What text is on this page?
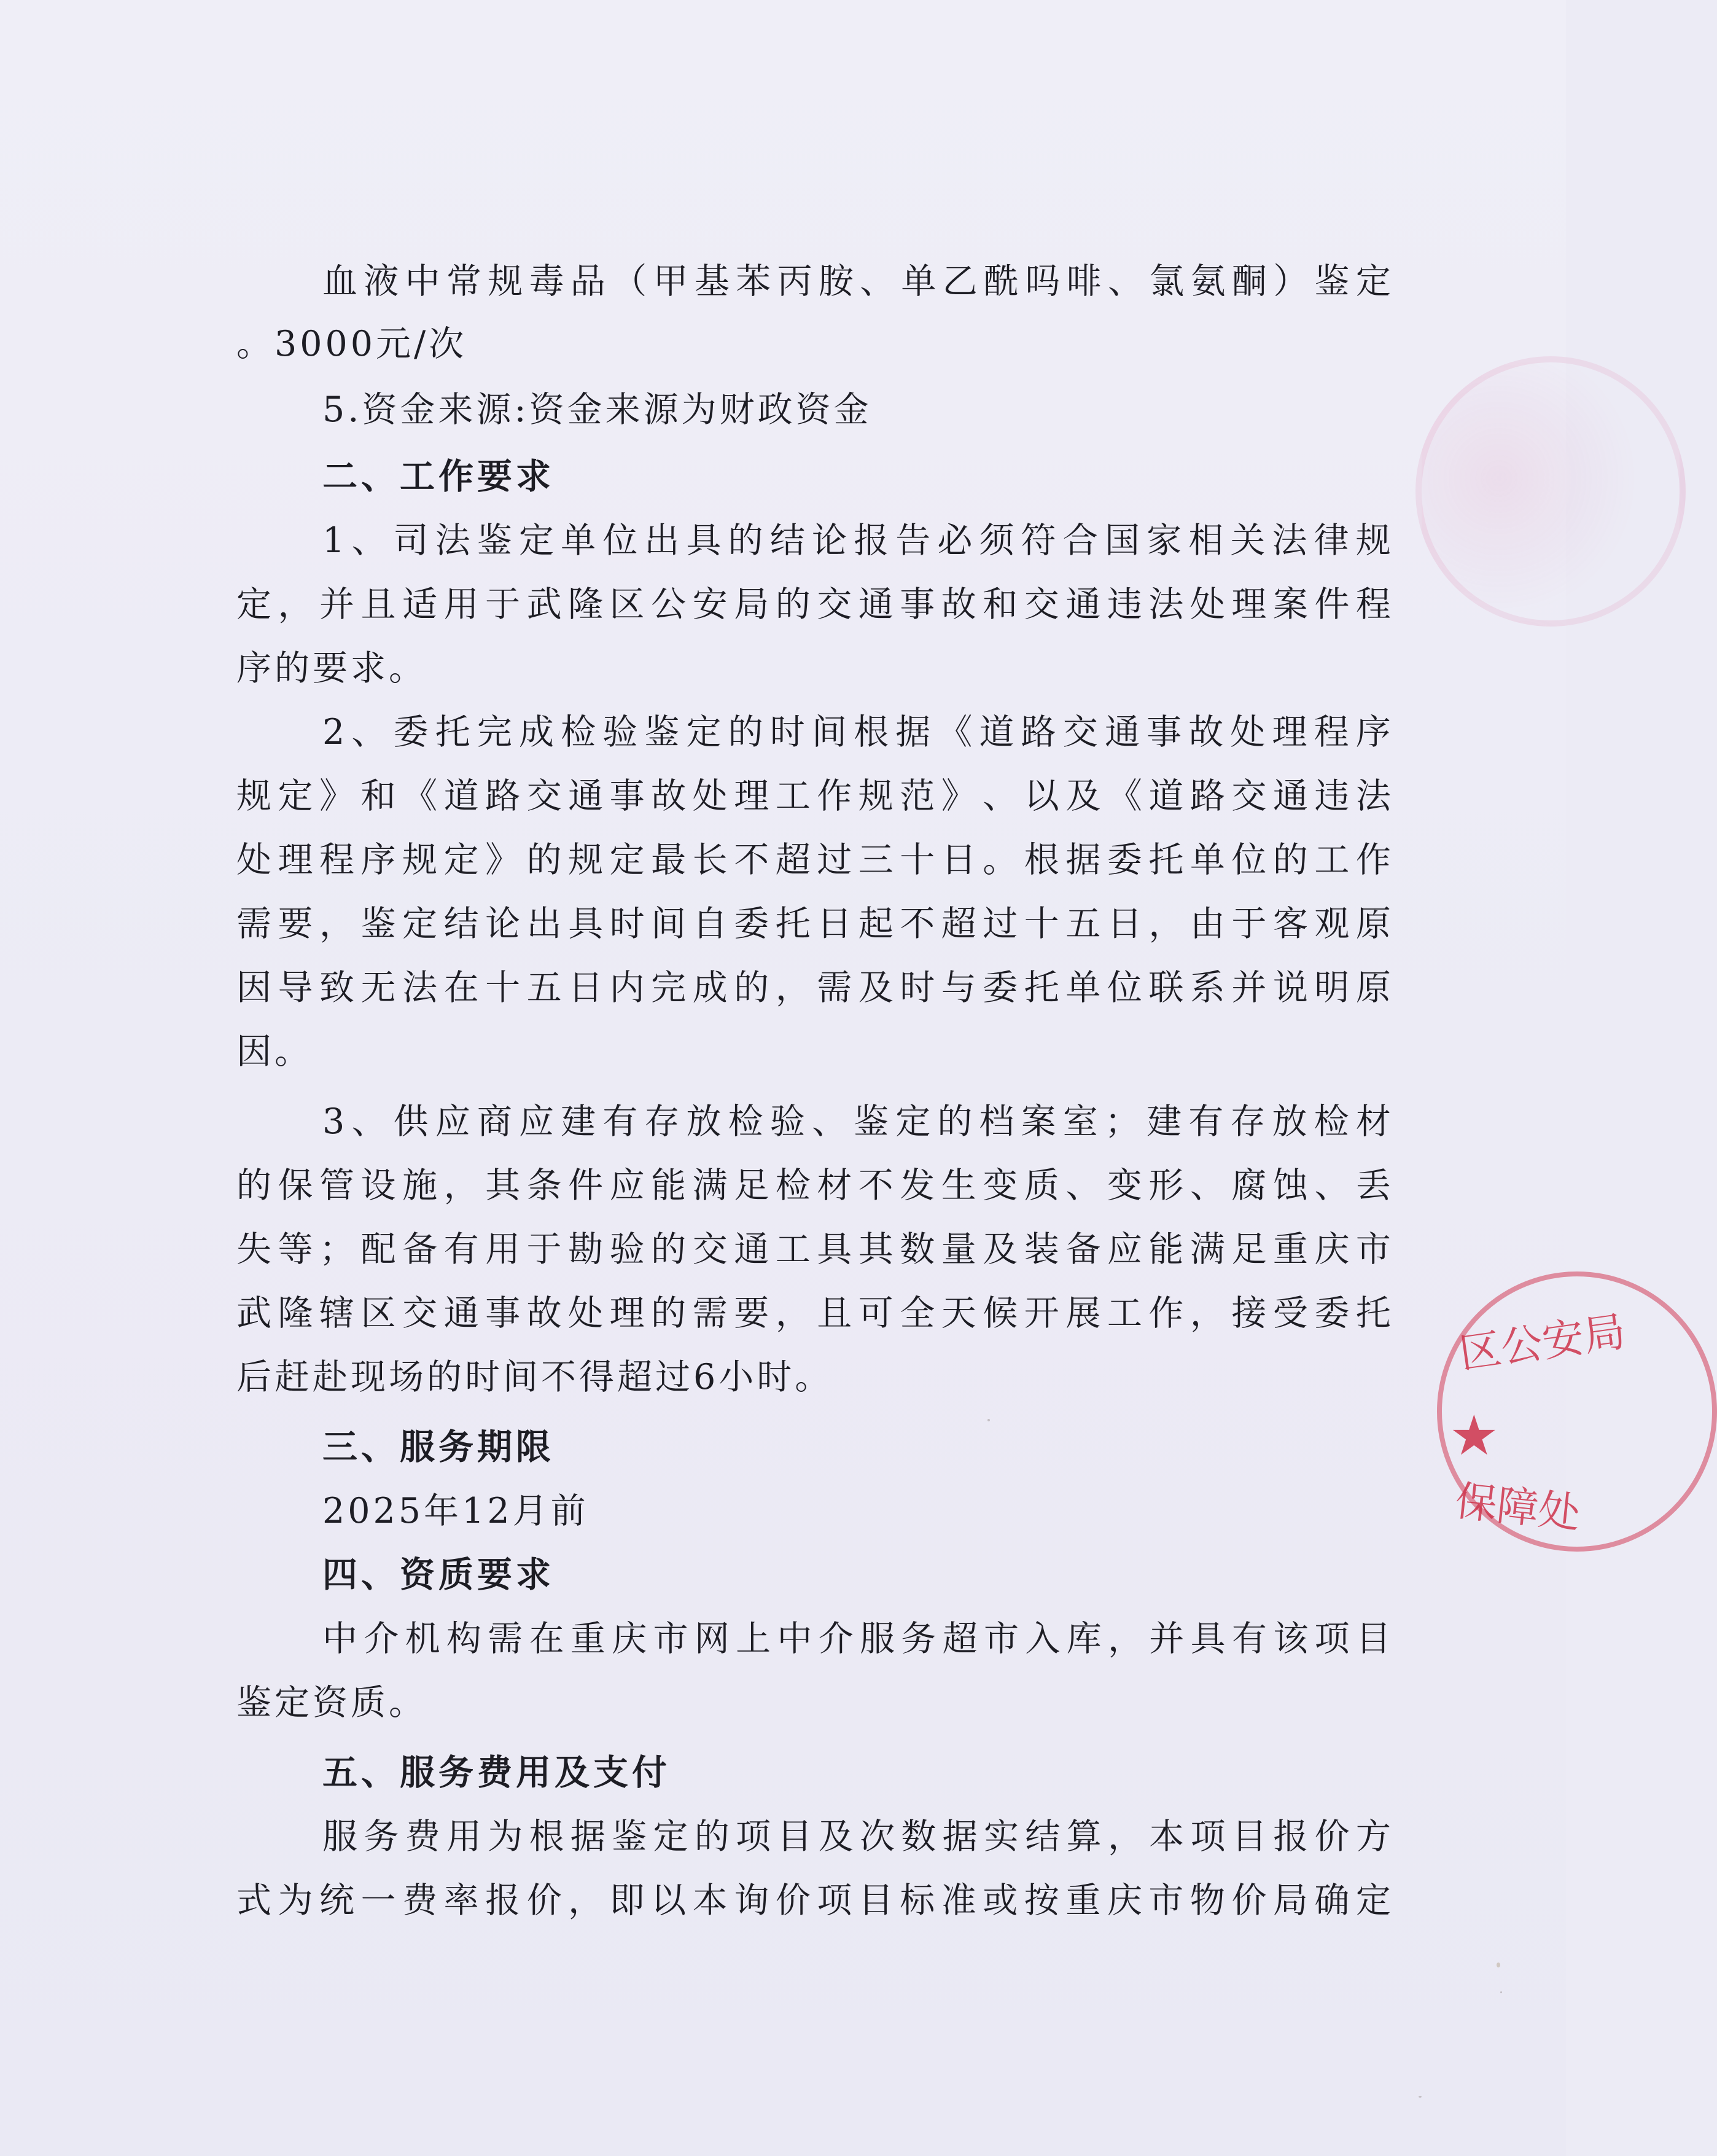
区公安局
★
保障处
血 液 中 常 规 毒 品 （ 甲 基 苯 丙 胺 、 单 乙 酰 吗 啡 、 氯 氨 酮 ） 鉴 定
。3000元/次
5.资金来源:资金来源为财政资金
二、工作要求
1 、 司 法 鉴 定 单 位 出 具 的 结 论 报 告 必 须 符 合 国 家 相 关 法 律 规
定 ， 并 且 适 用 于 武 隆 区 公 安 局 的 交 通 事 故 和 交 通 违 法 处 理 案 件 程
序的要求。
2 、 委 托 完 成 检 验 鉴 定 的 时 间 根 据 《 道 路 交 通 事 故 处 理 程 序
规 定 》 和 《 道 路 交 通 事 故 处 理 工 作 规 范 》 、 以 及 《 道 路 交 通 违 法
处 理 程 序 规 定 》 的 规 定 最 长 不 超 过 三 十 日 。 根 据 委 托 单 位 的 工 作
需 要 ， 鉴 定 结 论 出 具 时 间 自 委 托 日 起 不 超 过 十 五 日 ， 由 于 客 观 原
因 导 致 无 法 在 十 五 日 内 完 成 的 ， 需 及 时 与 委 托 单 位 联 系 并 说 明 原
因。
3 、 供 应 商 应 建 有 存 放 检 验 、 鉴 定 的 档 案 室 ； 建 有 存 放 检 材
的 保 管 设 施 ， 其 条 件 应 能 满 足 检 材 不 发 生 变 质 、 变 形 、 腐 蚀 、 丢
失 等 ； 配 备 有 用 于 勘 验 的 交 通 工 具 其 数 量 及 装 备 应 能 满 足 重 庆 市
武 隆 辖 区 交 通 事 故 处 理 的 需 要 ， 且 可 全 天 候 开 展 工 作 ， 接 受 委 托
后赶赴现场的时间不得超过6小时。
三、服务期限
2025年12月前
四、资质要求
中 介 机 构 需 在 重 庆 市 网 上 中 介 服 务 超 市 入 库 ， 并 具 有 该 项 目
鉴定资质。
五、服务费用及支付
服 务 费 用 为 根 据 鉴 定 的 项 目 及 次 数 据 实 结 算 ， 本 项 目 报 价 方
式 为 统 一 费 率 报 价 ， 即 以 本 询 价 项 目 标 准 或 按 重 庆 市 物 价 局 确 定
